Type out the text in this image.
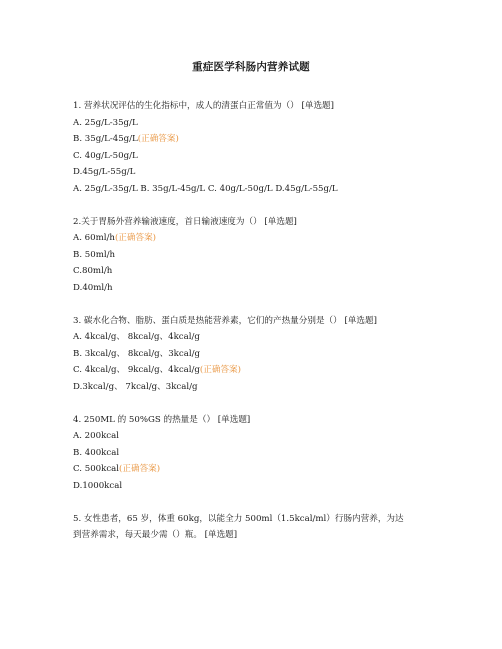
重症医学科肠内营养试题
1. 营养状况评估的生化指标中，成人的清蛋白正常值为（） [单选题]
A. 25g/L-35g/L
B. 35g/L-45g/L(正确答案)
C. 40g/L-50g/L
D.45g/L-55g/L
A. 25g/L-35g/L B. 35g/L-45g/L C. 40g/L-50g/L D.45g/L-55g/L
2.关于胃肠外营养输液速度，首日输液速度为（） [单选题]
A. 60ml/h(正确答案)
B. 50ml/h
C.80ml/h
D.40ml/h
3. 碳水化合物、脂肪、蛋白质是热能营养素，它们的产热量分别是（） [单选题]
A. 4kcal/g、 8kcal/g、4kcal/g
B. 3kcal/g、 8kcal/g、3kcal/g
C. 4kcal/g、 9kcal/g、4kcal/g(正确答案)
D.3kcal/g、 7kcal/g、3kcal/g
4. 250ML 的 50%GS 的热量是（） [单选题]
A. 200kcal
B. 400kcal
C. 500kcal(正确答案)
D.1000kcal
5. 女性患者，65 岁，体重 60kg，以能全力 500ml（1.5kcal/ml）行肠内营养，为达
到营养需求，每天最少需（）瓶。 [单选题]
